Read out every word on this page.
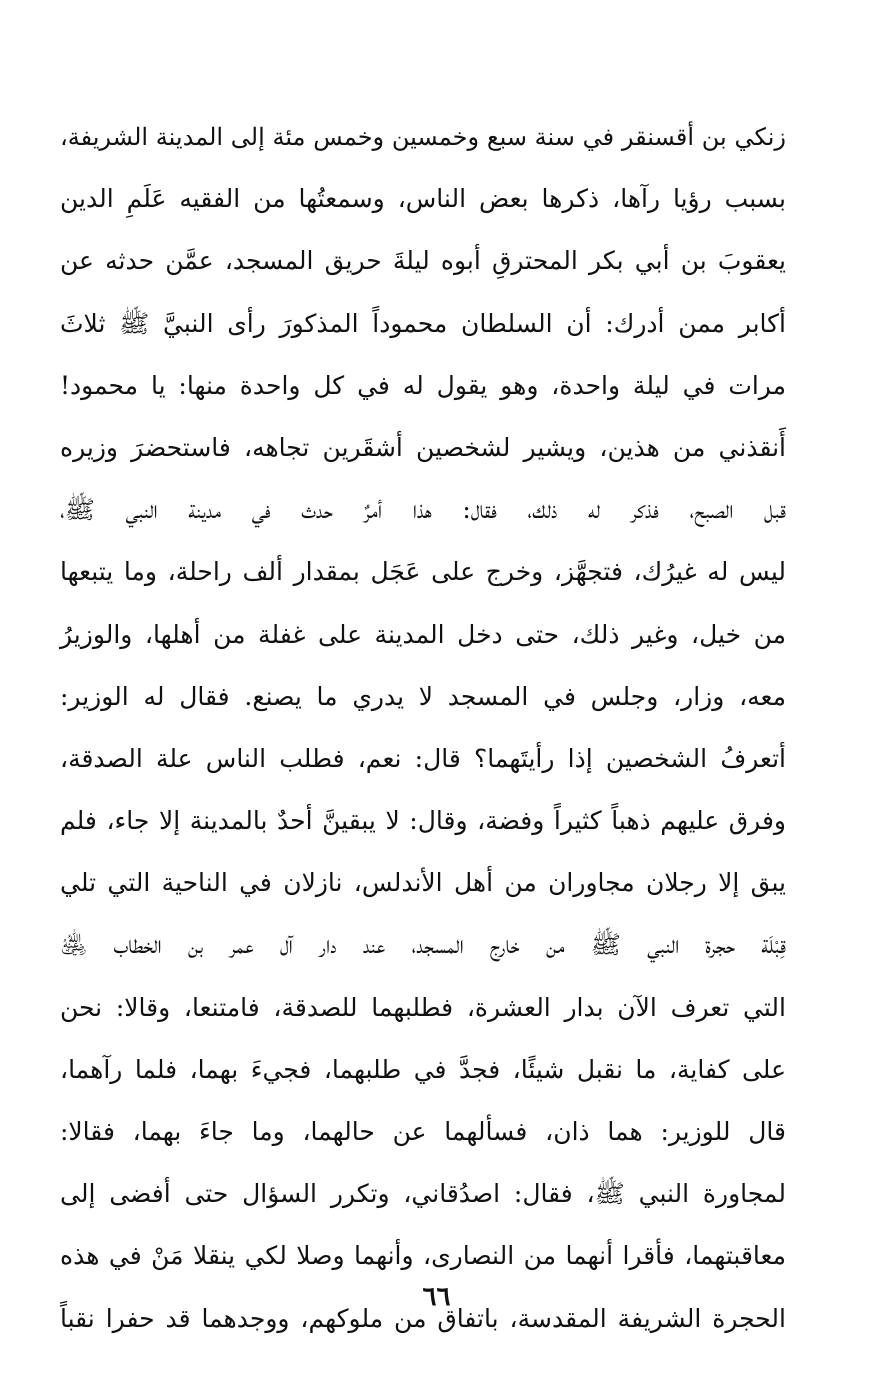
زنكي بن أقسنقر في سنة سبع وخمسين وخمس مئة إلى المدينة الشريفة،
بسبب رؤيا رآها، ذكرها بعض الناس، وسمعتُها من الفقيه عَلَمِ الدين
يعقوبَ بن أبي بكر المحترقِ أبوه ليلةَ حريق المسجد، عمَّن حدثه عن
أكابر ممن أدرك: أن السلطان محموداً المذكورَ رأى النبيَّ ﷺ ثلاثَ
مرات في ليلة واحدة، وهو يقول له في كل واحدة منها: يا محمود!
أَنقذني من هذين، ويشير لشخصين أشقَرين تجاهه، فاستحضرَ وزيره
قبل الصبح، فذكر له ذلك، فقال: هذا أمرٌ حدث في مدينة النبي ﷺ،
ليس له غيرُك، فتجهَّز، وخرج على عَجَل بمقدار ألف راحلة، وما يتبعها
من خيل، وغير ذلك، حتى دخل المدينة على غفلة من أهلها، والوزيرُ
معه، وزار، وجلس في المسجد لا يدري ما يصنع. فقال له الوزير:
أتعرفُ الشخصين إذا رأيتَهما؟ قال: نعم، فطلب الناس علة الصدقة،
وفرق عليهم ذهباً كثيراً وفضة، وقال: لا يبقينَّ أحدٌ بالمدينة إلا جاء، فلم
يبق إلا رجلان مجاوران من أهل الأندلس، نازلان في الناحية التي تلي
قِبْلَة حجرة النبي ﷺ من خارج المسجد، عند دار آل عمر بن الخطاب ﵁
التي تعرف الآن بدار العشرة، فطلبهما للصدقة، فامتنعا، وقالا: نحن
على كفاية، ما نقبل شيئًا، فجدَّ في طلبهما، فجيءَ بهما، فلما رآهما،
قال للوزير: هما ذان، فسألهما عن حالهما، وما جاءَ بهما، فقالا:
لمجاورة النبي ﷺ، فقال: اصدُقاني، وتكرر السؤال حتى أفضى إلى
معاقبتهما، فأقرا أنهما من النصارى، وأنهما وصلا لكي ينقلا مَنْ في هذه
الحجرة الشريفة المقدسة، باتفاق من ملوكهم، ووجدهما قد حفرا نقباً
٦٦
